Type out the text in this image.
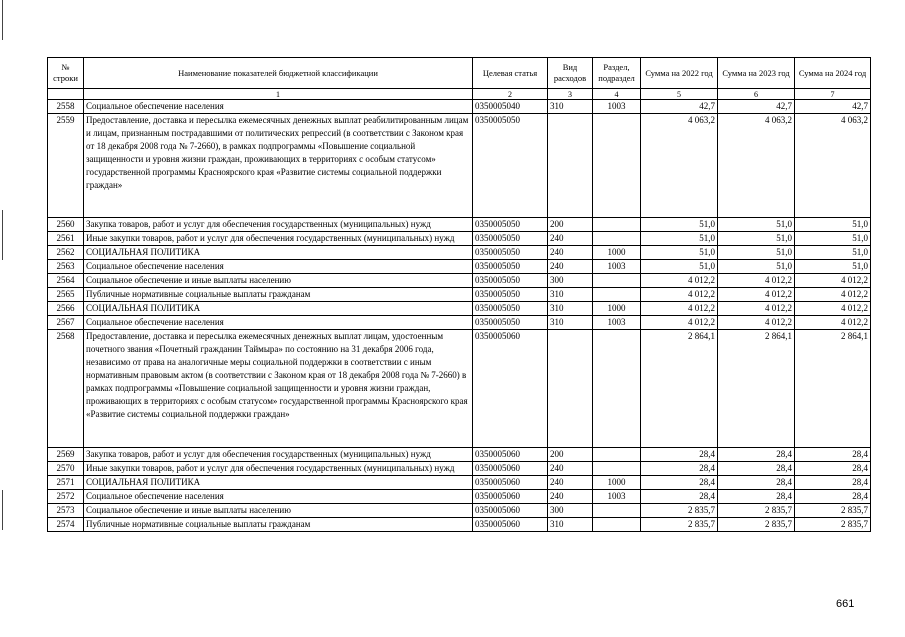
№ строки	Наименование показателей бюджетной классификации	Целевая статья	Вид расходов	Раздел, подраздел	Сумма на 2022 год	Сумма на 2023 год	Сумма на 2024 год
	1	2	3	4	5	6	7
2558	Социальное обеспечение населения	0350005040	310	1003	42,7	42,7	42,7
2559	Предоставление, доставка и пересылка ежемесячных денежных выплат реабилитированным лицам и лицам, признанным пострадавшими от политических репрессий (в соответствии с Законом края от 18 декабря 2008 года № 7-2660), в рамках подпрограммы «Повышение социальной защищенности и уровня жизни граждан, проживающих в территориях с особым статусом» государственной программы Красноярского края «Развитие системы социальной поддержки граждан»	0350005050			4 063,2	4 063,2	4 063,2
2560	Закупка товаров, работ и услуг для обеспечения государственных (муниципальных) нужд	0350005050	200		51,0	51,0	51,0
2561	Иные закупки товаров, работ и услуг для обеспечения государственных (муниципальных) нужд	0350005050	240		51,0	51,0	51,0
2562	СОЦИАЛЬНАЯ ПОЛИТИКА	0350005050	240	1000	51,0	51,0	51,0
2563	Социальное обеспечение населения	0350005050	240	1003	51,0	51,0	51,0
2564	Социальное обеспечение и иные выплаты населению	0350005050	300		4 012,2	4 012,2	4 012,2
2565	Публичные нормативные социальные выплаты гражданам	0350005050	310		4 012,2	4 012,2	4 012,2
2566	СОЦИАЛЬНАЯ ПОЛИТИКА	0350005050	310	1000	4 012,2	4 012,2	4 012,2
2567	Социальное обеспечение населения	0350005050	310	1003	4 012,2	4 012,2	4 012,2
2568	Предоставление, доставка и пересылка ежемесячных денежных выплат лицам, удостоенным почетного звания «Почетный гражданин Таймыра» по состоянию на 31 декабря 2006 года, независимо от права на аналогичные меры социальной поддержки в соответствии с иным нормативным правовым актом (в соответствии с Законом края от 18 декабря 2008 года № 7-2660) в рамках подпрограммы «Повышение социальной защищенности и уровня жизни граждан, проживающих в территориях с особым статусом» государственной программы Красноярского края «Развитие системы социальной поддержки граждан»	0350005060			2 864,1	2 864,1	2 864,1
2569	Закупка товаров, работ и услуг для обеспечения государственных (муниципальных) нужд	0350005060	200		28,4	28,4	28,4
2570	Иные закупки товаров, работ и услуг для обеспечения государственных (муниципальных) нужд	0350005060	240		28,4	28,4	28,4
2571	СОЦИАЛЬНАЯ ПОЛИТИКА	0350005060	240	1000	28,4	28,4	28,4
2572	Социальное обеспечение населения	0350005060	240	1003	28,4	28,4	28,4
2573	Социальное обеспечение и иные выплаты населению	0350005060	300		2 835,7	2 835,7	2 835,7
2574	Публичные нормативные социальные выплаты гражданам	0350005060	310		2 835,7	2 835,7	2 835,7
661
